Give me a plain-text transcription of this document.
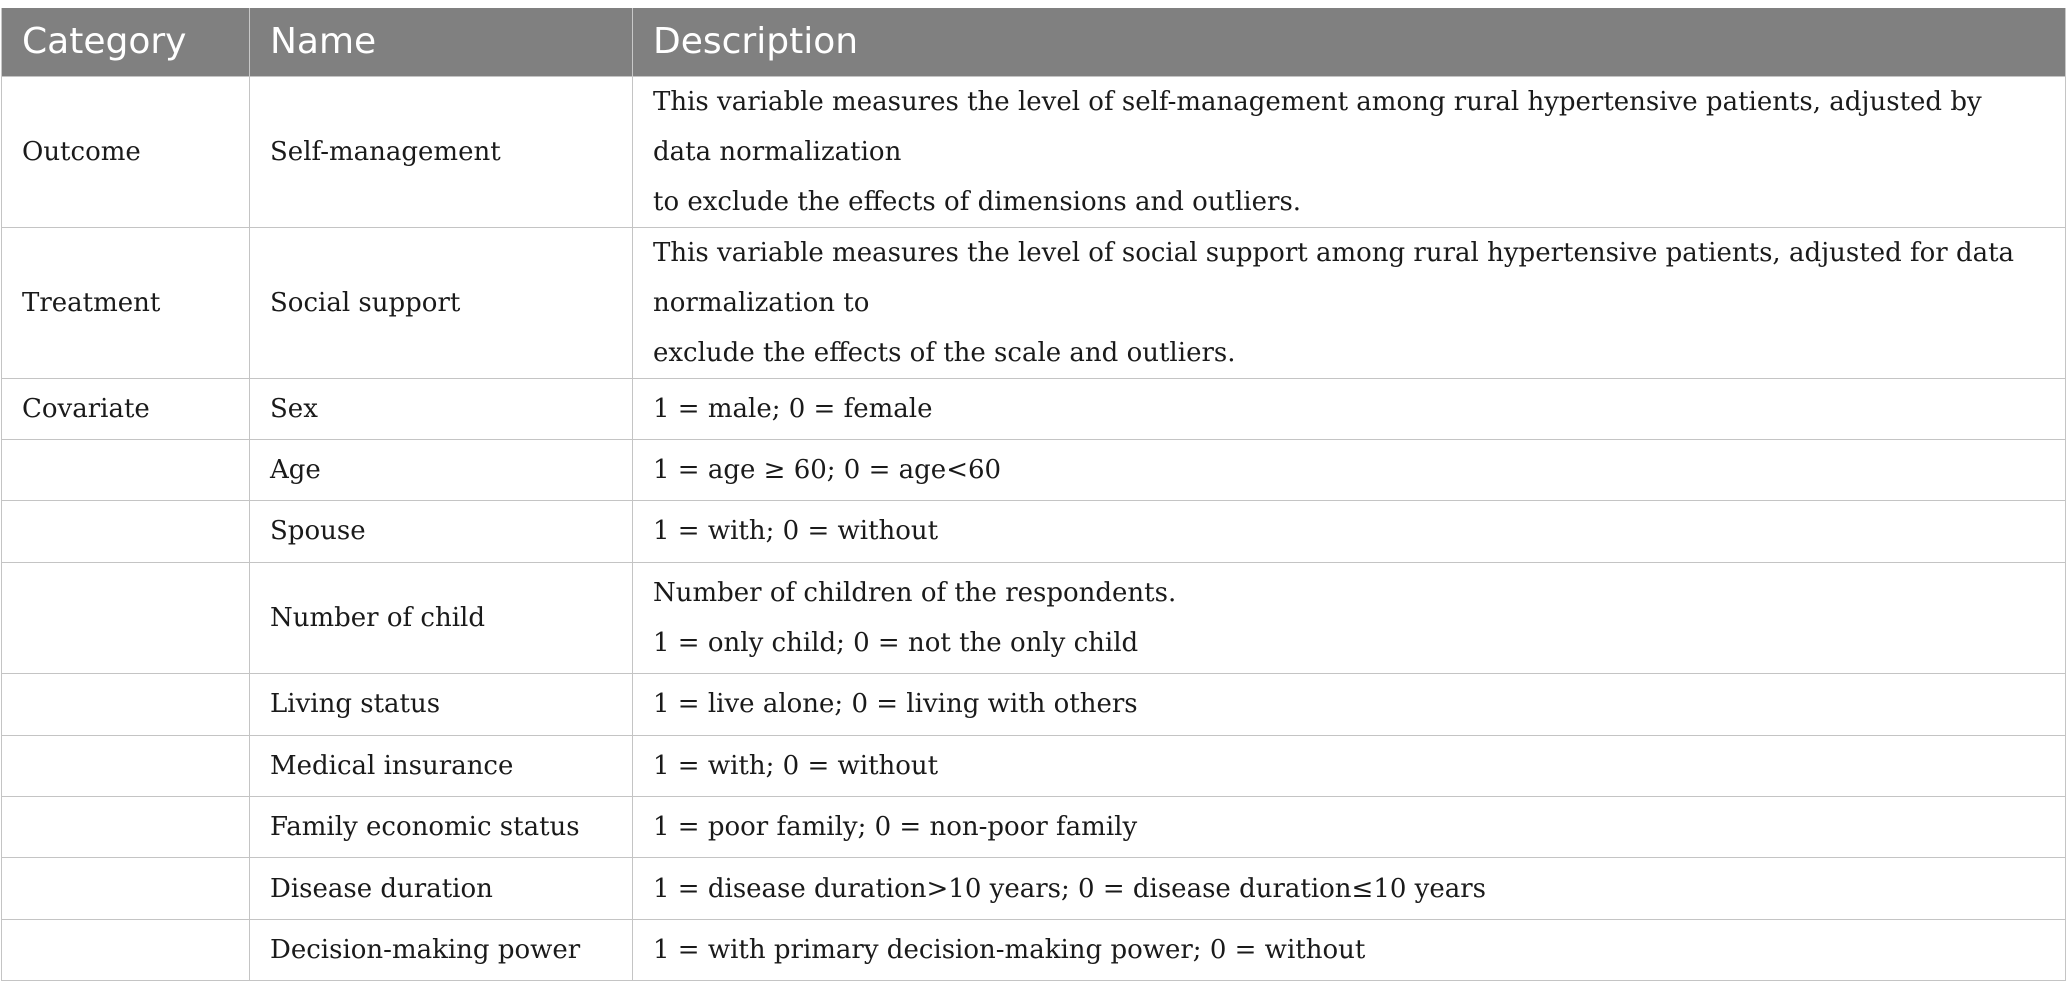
Category	Name	Description
Outcome	Self-management	This variable measures the level of self-management among rural hypertensive patients, adjusted by data normalization
to exclude the effects of dimensions and outliers.

Treatment	Social support	This variable measures the level of social support among rural hypertensive patients, adjusted for data normalization to
exclude the effects of the scale and outliers.

Covariate	Sex	1 = male; 0 = female

	Age	1 = age ≥ 60; 0 = age<60

	Spouse	1 = with; 0 = without

	Number of child	Number of children of the respondents.
1 = only child; 0 = not the only child

	Living status	1 = live alone; 0 = living with others

	Medical insurance	1 = with; 0 = without

	Family economic status	1 = poor family; 0 = non-poor family

	Disease duration	1 = disease duration>10 years; 0 = disease duration≤10 years

	Decision-making power	1 = with primary decision-making power; 0 = without
